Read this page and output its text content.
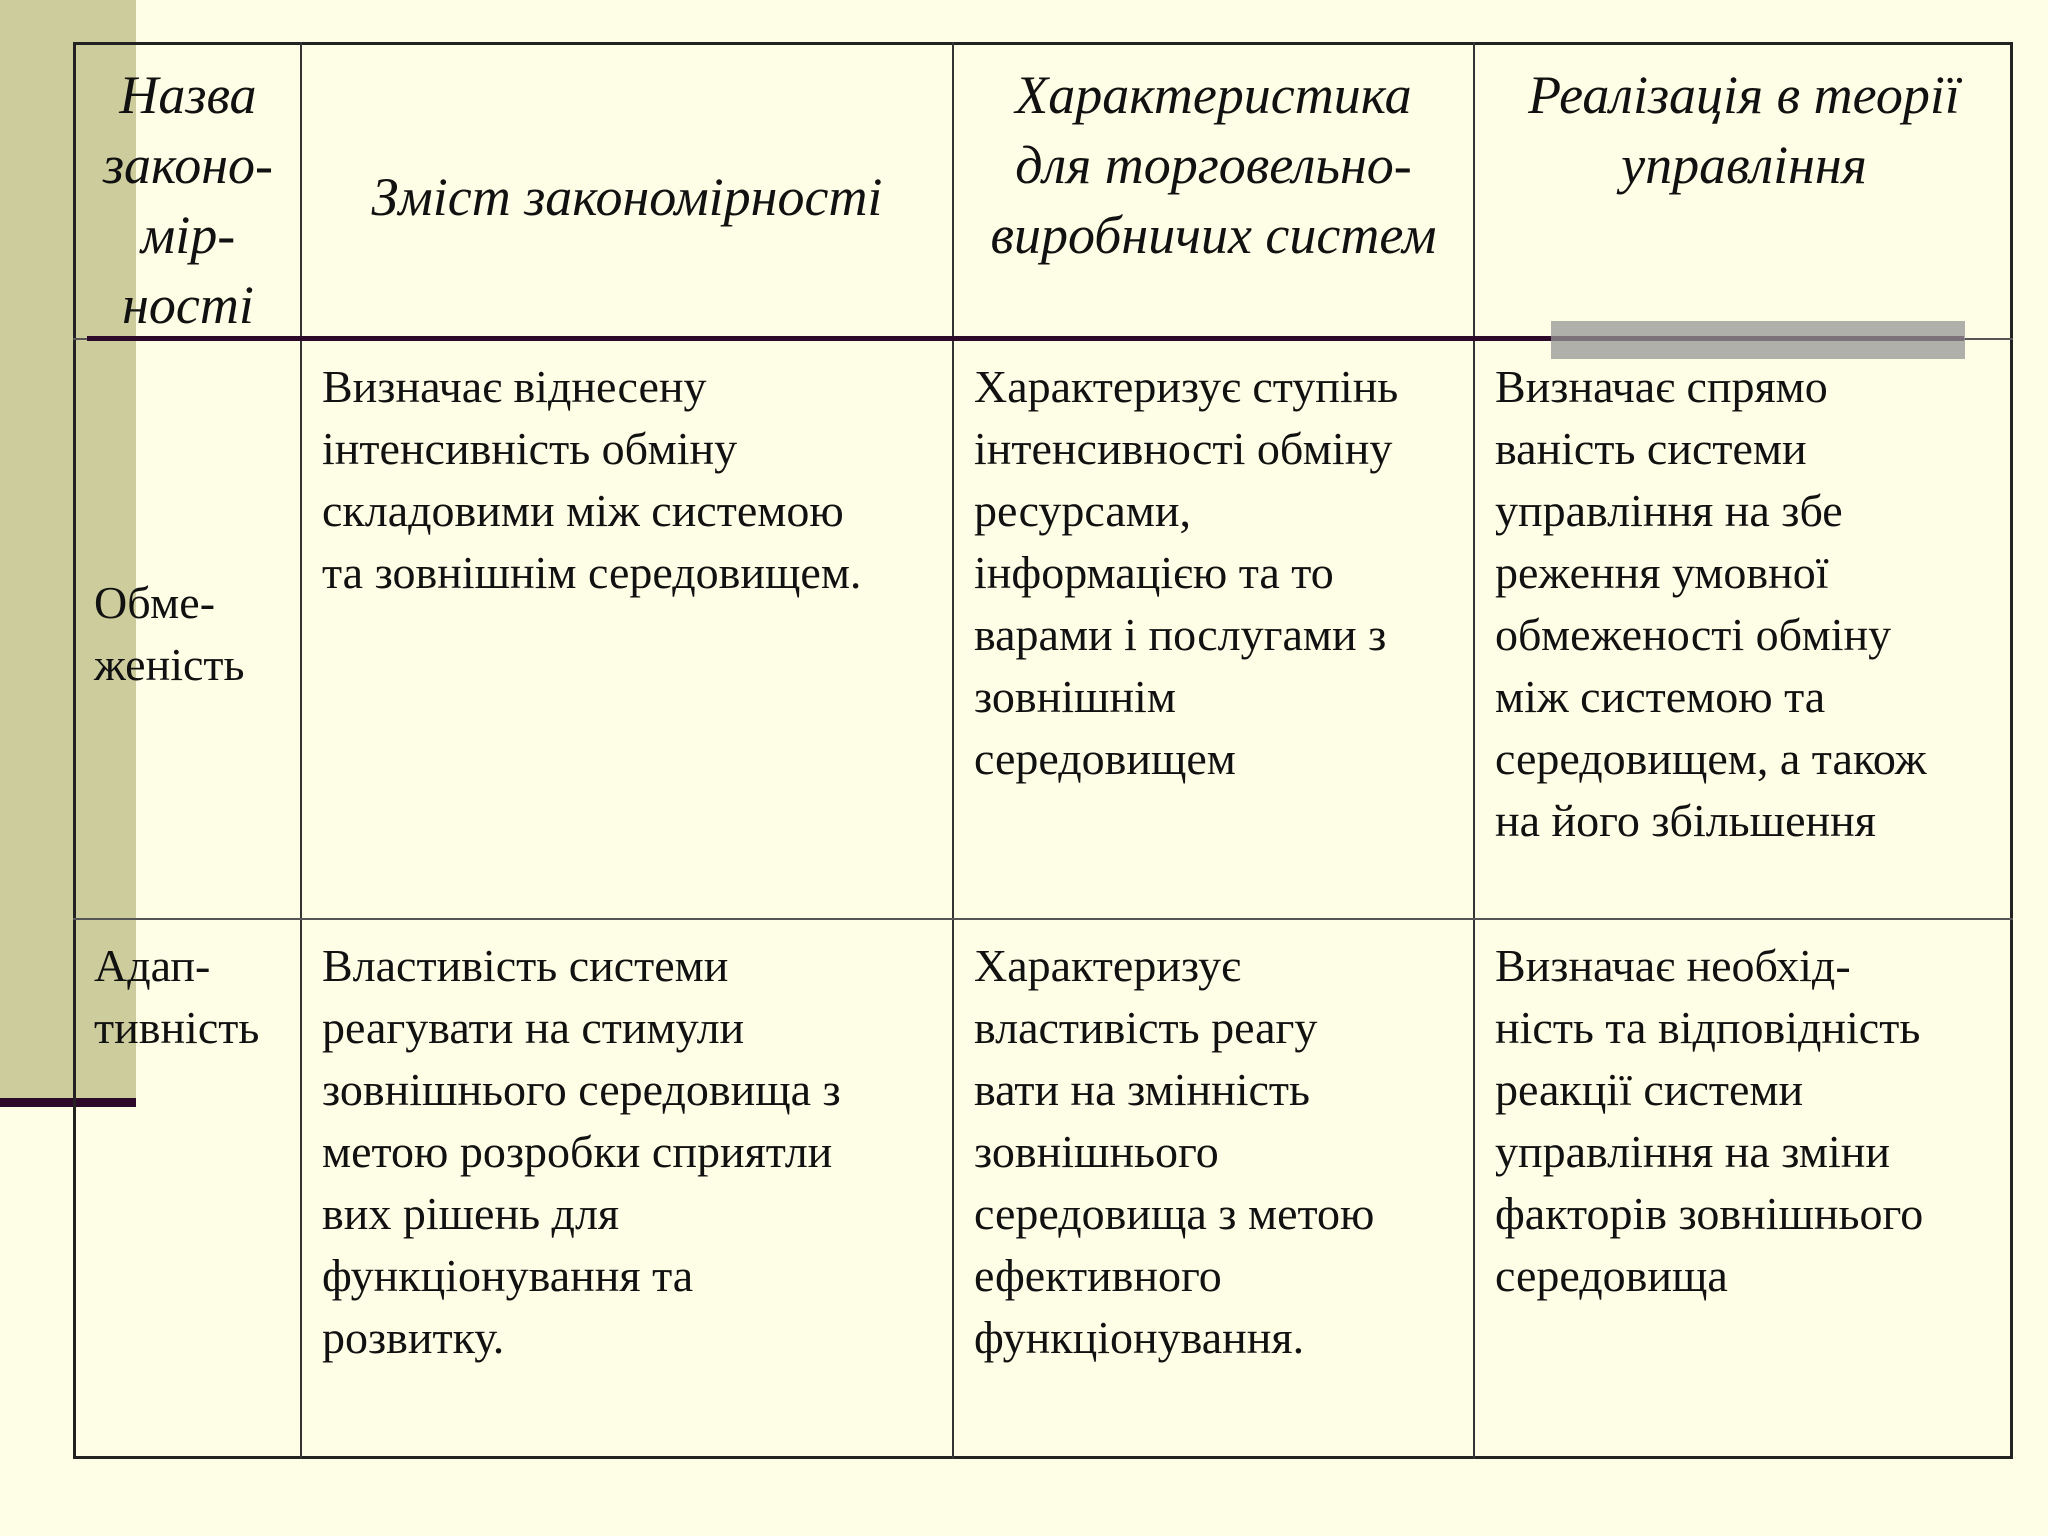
Назва
законо-
мір-
ності
Зміст закономірності
Характеристика
для торговельно-
виробничих систем
Реалізація в теорії
управління
Обме-
женість
Визначає віднесену
інтенсивність обміну
складовими між системою
та зовнішнім середовищем.
Характеризує ступінь
інтенсивності обміну
ресурсами,
інформацією та то
варами і послугами з
зовнішнім
середовищем
Визначає спрямо
ваність системи
управління на збе
реження умовної
обмеженості обміну
між системою та
середовищем, а також
на його збільшення
Адап-
тивність
Властивість системи
реагувати на стимули
зовнішнього середовища з
метою розробки сприятли
вих рішень для
функціонування та
розвитку.
Характеризує
властивість реагу
вати на змінність
зовнішнього
середовища з метою
ефективного
функціонування.
Визначає необхід-
ність та відповідність
реакції системи
управління на зміни
факторів зовнішнього
середовища
